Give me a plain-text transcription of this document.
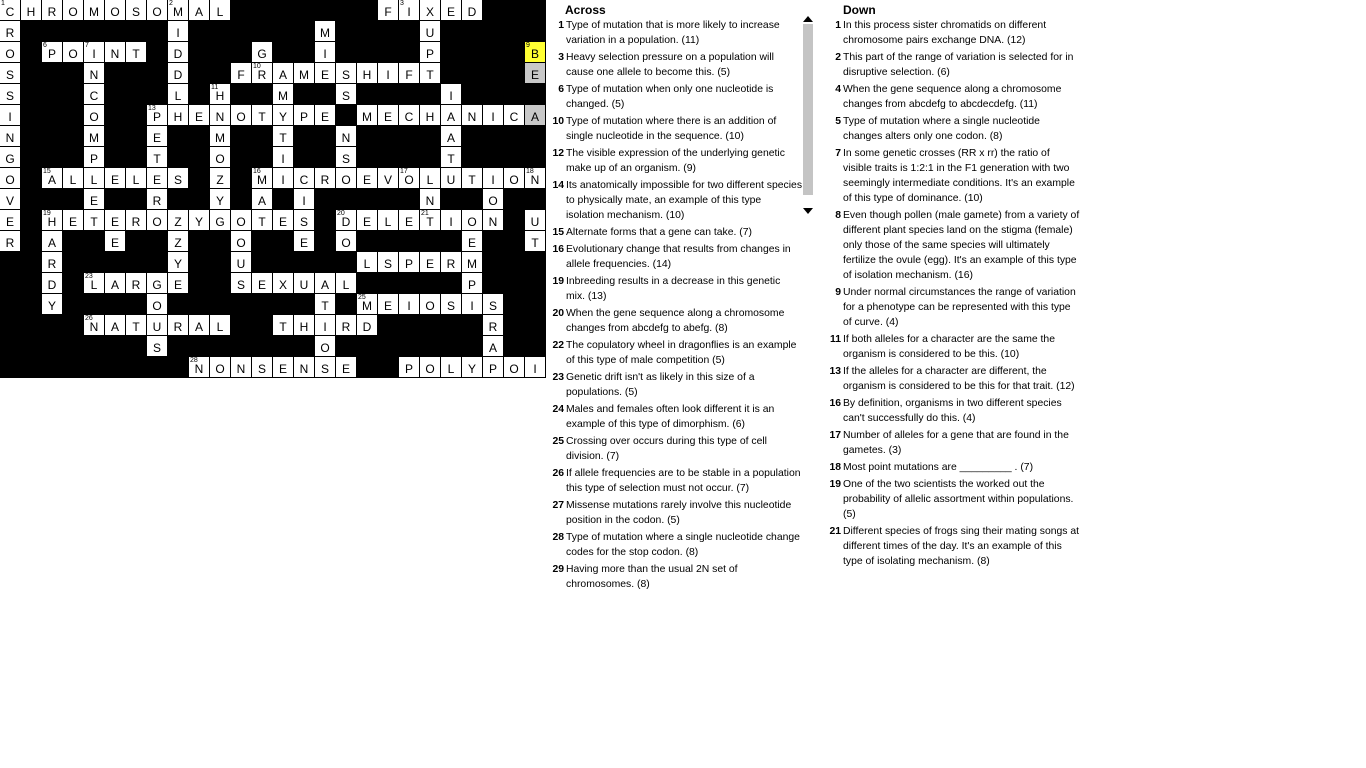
1
C	H	R	O M O	S	O
2
M A	L	F
3
I	X	E	D
R	I	M	U
O
6
P	O
7
I	N	T	D	G	I	P
9
B
S	N	D	F
10
R	A	M E	S	H	I	F	T	E
S	C	L
11
H	M	S	I
I	O
13
P	H	E	N	O	T	Y	P	E	M E	C	H	A	N	I	C	A
N	M	E	M	T	N	A
G	P	T	O	I	S	T
O
15
A	L	L	E	L	E	S	Z
16
M	I	C	R	O	E	V
17
O	L	U	T	I	O
18
N
V	E	R	Y	A	I	N	O
E
19
H	E	T	E	R	O	Z	Y	G O	T	E	S
20
D	E	L	E
21
T	I	O N	U
R	A	E	Z	O	E	O	E	T
R	Y	U	L	S	P	E	R M
D
23
L	A	R	G	E	S	E	X	U	A	L	P
Y	O	T
25
M E	I	O	S	I	S
26
N	A	T	U	R	A	L	T	H	I	R	D	R
S	O	A
28
N	O N	S	E	N	S	E	P	O	L	Y	P	O	I
Across
1 Type of mutation that is more likely to increase variation in a population. (11)
3 Heavy selection pressure on a population will cause one allele to become this. (5)
6 Type of mutation when only one nucleotide is changed. (5)
10 Type of mutation where there is an addition of single nucleotide in the sequence. (10)
12 The visible expression of the underlying genetic make up of an organism. (9)
14 Its anatomically impossible for two different species to physically mate, an example of this type isolation mechanism. (10)
15 Alternate forms that a gene can take. (7)
16 Evolutionary change that results from changes in allele frequencies. (14)
19 Inbreeding results in a decrease in this genetic mix. (13)
20 When the gene sequence along a chromosome changes from abcdefg to abefg. (8)
22 The copulatory wheel in dragonflies is an example of this type of male competition (5)
23 Genetic drift isn't as likely in this size of a populations. (5)
24 Males and females often look different it is an example of this type of dimorphism. (6)
25 Crossing over occurs during this type of cell division. (7)
26 If allele frequencies are to be stable in a population this type of selection must not occur. (7)
27 Missense mutations rarely involve this nucleotide position in the codon. (5)
28 Type of mutation where a single nucleotide change codes for the stop codon. (8)
29 Having more than the usual 2N set of chromosomes. (8)
Down
1 In this process sister chromatids on different chromosome pairs exchange DNA. (12)
2 This part of the range of variation is selected for in disruptive selection. (6)
4 When the gene sequence along a chromosome changes from abcdefg to abcdecdefg. (11)
5 Type of mutation where a single nucleotide changes alters only one codon. (8)
7 In some genetic crosses (RR x rr) the ratio of visible traits is 1:2:1 in the F1 generation with two seemingly intermediate conditions. It's an example of this type of dominance. (10)
8 Even though pollen (male gamete) from a variety of different plant species land on the stigma (female) only those of the same species will ultimately fertilize the ovule (egg). It's an example of this type of isolation mechanism. (16)
9 Under normal circumstances the range of variation for a phenotype can be represented with this type of curve. (4)
11 If both alleles for a character are the same the organism is considered to be this. (10)
13 If the alleles for a character are different, the organism is considered to be this for that trait. (12)
16 By definition, organisms in two different species can't successfully do this. (4)
17 Number of alleles for a gene that are found in the gametes. (3)
18 Most point mutations are _________ . (7)
19 One of the two scientists the worked out the probability of allelic assortment within populations. (5)
21 Different species of frogs sing their mating songs at different times of the day. It's an example of this type of isolating mechanism. (8)
